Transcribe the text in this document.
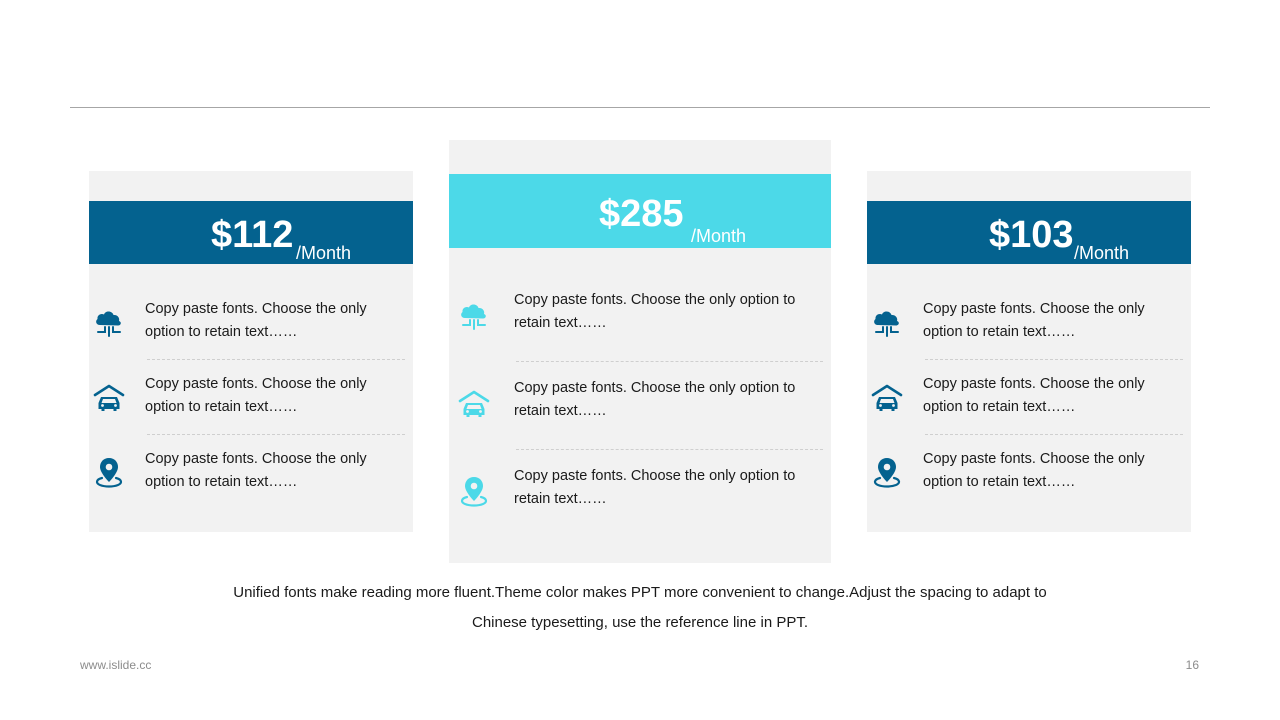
$112 /Month
Copy paste fonts. Choose the only option to retain text……
Copy paste fonts. Choose the only option to retain text……
Copy paste fonts. Choose the only option to retain text……
$285
/Month
Copy paste fonts. Choose the only option to retain text……
Copy paste fonts. Choose the only option to retain text……
Copy paste fonts. Choose the only option to retain text……
$103 /Month
Copy paste fonts. Choose the only option to retain text……
Copy paste fonts. Choose the only option to retain text……
Copy paste fonts. Choose the only option to retain text……
Unified fonts make reading more fluent.Theme color makes PPT more convenient to change.Adjust the spacing to adapt to
Chinese typesetting, use the reference line in PPT.
www.islide.cc	16
